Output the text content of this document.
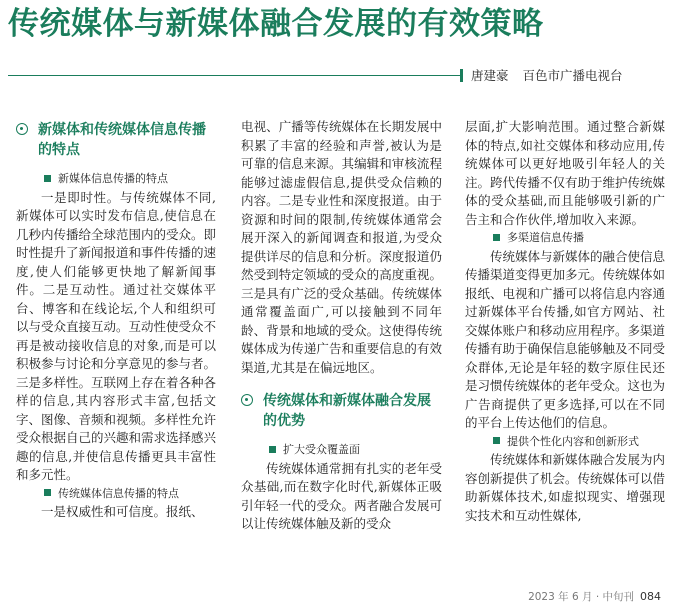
传统媒体与新媒体融合发展的有效策略
唐建豪 百色市广播电视台
新媒体和传统媒体信息传播的特点
新媒体信息传播的特点

一是即时性。与传统媒体不同,新媒体可以实时发布信息,使信息在几秒内传播给全球范围内的受众。即时性提升了新闻报道和事件传播的速度,使人们能够更快地了解新闻事件。二是互动性。通过社交媒体平台、博客和在线论坛,个人和组织可以与受众直接互动。互动性使受众不再是被动接收信息的对象,而是可以积极参与讨论和分享意见的参与者。三是多样性。互联网上存在着各种各样的信息,其内容形式丰富,包括文字、图像、音频和视频。多样性允许受众根据自己的兴趣和需求选择感兴趣的信息,并使信息传播更具丰富性和多元性。

传统媒体信息传播的特点

一是权威性和可信度。报纸、

电视、广播等传统媒体在长期发展中积累了丰富的经验和声誉,被认为是可靠的信息来源。其编辑和审核流程能够过滤虚假信息,提供受众信赖的内容。二是专业性和深度报道。由于资源和时间的限制,传统媒体通常会展开深入的新闻调查和报道,为受众提供详尽的信息和分析。深度报道仍然受到特定领域的受众的高度重视。三是具有广泛的受众基础。传统媒体通常覆盖面广,可以接触到不同年龄、背景和地域的受众。这使得传统媒体成为传递广告和重要信息的有效渠道,尤其是在偏远地区。

传统媒体和新媒体融合发展的优势
扩大受众覆盖面

传统媒体通常拥有扎实的老年受众基础,而在数字化时代,新媒体正吸引年轻一代的受众。两者融合发展可以让传统媒体触及新的受众

层面,扩大影响范围。通过整合新媒体的特点,如社交媒体和移动应用,传统媒体可以更好地吸引年轻人的关注。跨代传播不仅有助于维护传统媒体的受众基础,而且能够吸引新的广告主和合作伙伴,增加收入来源。

多渠道信息传播

传统媒体与新媒体的融合使信息传播渠道变得更加多元。传统媒体如报纸、电视和广播可以将信息内容通过新媒体平台传播,如官方网站、社交媒体账户和移动应用程序。多渠道传播有助于确保信息能够触及不同受众群体,无论是年轻的数字原住民还是习惯传统媒体的老年受众。这也为广告商提供了更多选择,可以在不同的平台上传达他们的信息。

提供个性化内容和创新形式

传统媒体和新媒体融合发展为内容创新提供了机会。传统媒体可以借助新媒体技术,如虚拟现实、增强现实技术和互动性媒体,

2023 年 6 月 · 中旬刊 084
